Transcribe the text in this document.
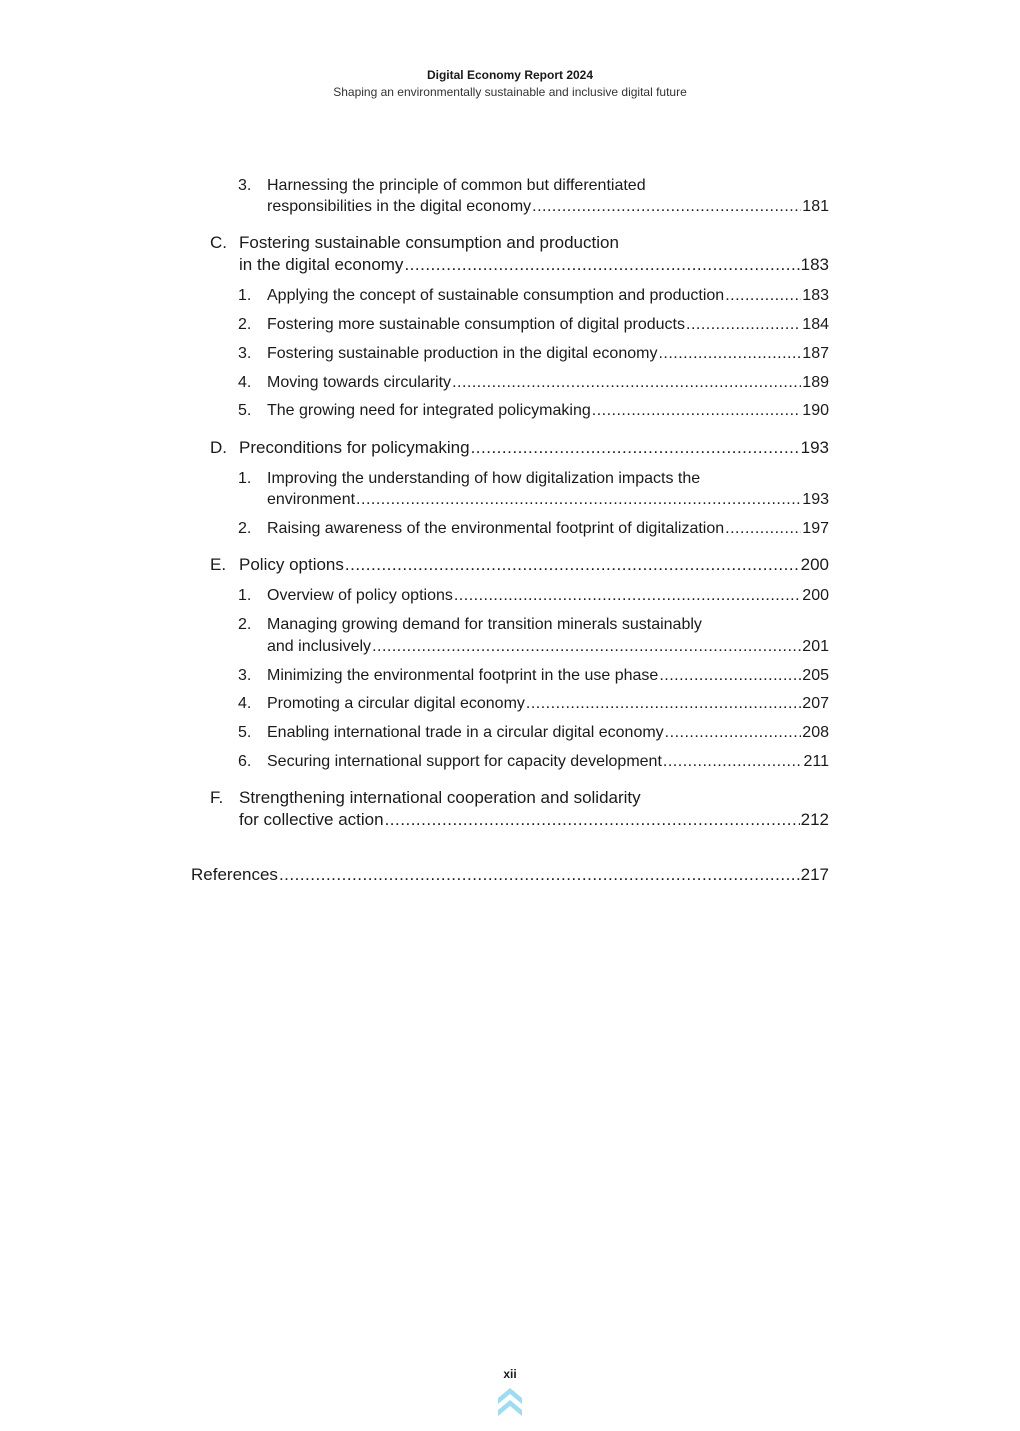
Digital Economy Report 2024
Shaping an environmentally sustainable and inclusive digital future
3. Harnessing the principle of common but differentiated
responsibilities in the digital economy .....	181
C. Fostering sustainable consumption and production
in the digital economy .....	183
1. Applying the concept of sustainable consumption and production .....	183
2. Fostering more sustainable consumption of digital products .....	184
3. Fostering sustainable production in the digital economy .....	187
4. Moving towards circularity .....	189
5. The growing need for integrated policymaking .....	190
D. Preconditions for policymaking .....	193
1. Improving the understanding of how digitalization impacts the
environment .....	193
2. Raising awareness of the environmental footprint of digitalization .....	197
E. Policy options .....	200
1. Overview of policy options .....	200
2. Managing growing demand for transition minerals sustainably
and inclusively .....	201
3. Minimizing the environmental footprint in the use phase .....	205
4. Promoting a circular digital economy .....	207
5. Enabling international trade in a circular digital economy .....	208
6. Securing international support for capacity development .....	211
F. Strengthening international cooperation and solidarity
for collective action .....	212
References .....	217
xii
